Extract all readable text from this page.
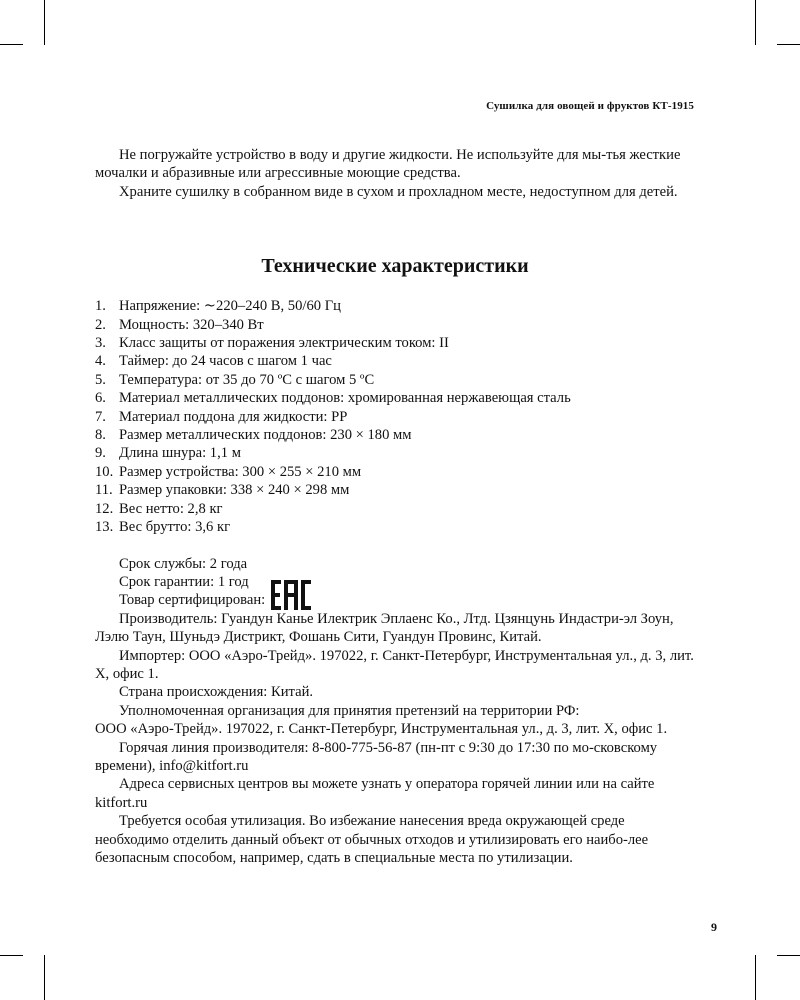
Сушилка для овощей и фруктов КТ-1915

Не погружайте устройство в воду и другие жидкости. Не используйте для мы-тья жесткие мочалки и абразивные или агрессивные моющие средства.

Храните сушилку в собранном виде в сухом и прохладном месте, недоступном для детей.

Технические характеристики

1. Напряжение: ∼220–240 В, 50/60 Гц
2. Мощность: 320–340 Вт
3. Класс защиты от поражения электрическим током: II
4. Таймер: до 24 часов с шагом 1 час
5. Температура: от 35 до 70 ºС с шагом 5 ºС
6. Материал металлических поддонов: хромированная нержавеющая сталь
7. Материал поддона для жидкости: PP
8. Размер металлических поддонов: 230 × 180 мм
9. Длина шнура: 1,1 м
10. Размер устройства: 300 × 255 × 210 мм
11. Размер упаковки: 338 × 240 × 298 мм
12. Вес нетто: 2,8 кг
13. Вес брутто: 3,6 кг

Срок службы: 2 года

Срок гарантии: 1 год

Товар сертифицирован:

Производитель: Гуандун Канье Илектрик Эплаенс Ко., Лтд. Цзянцунь Индастри-эл Зоун, Лэлю Таун, Шуньдэ Дистрикт, Фошань Сити, Гуандун Провинс, Китай.

Импортер: ООО «Аэро-Трейд». 197022, г. Санкт-Петербург, Инструментальная ул., д. 3, лит. Х, офис 1.

Страна происхождения: Китай.

Уполномоченная организация для принятия претензий на территории РФ:

ООО «Аэро-Трейд». 197022, г. Санкт-Петербург, Инструментальная ул., д. 3, лит. Х, офис 1.

Горячая линия производителя: 8-800-775-56-87 (пн-пт с 9:30 до 17:30 по мо-сковскому времени), info@kitfort.ru

Адреса сервисных центров вы можете узнать у оператора горячей линии или на сайте kitfort.ru

Требуется особая утилизация. Во избежание нанесения вреда окружающей среде необходимо отделить данный объект от обычных отходов и утилизировать его наибо-лее безопасным способом, например, сдать в специальные места по утилизации.

9
